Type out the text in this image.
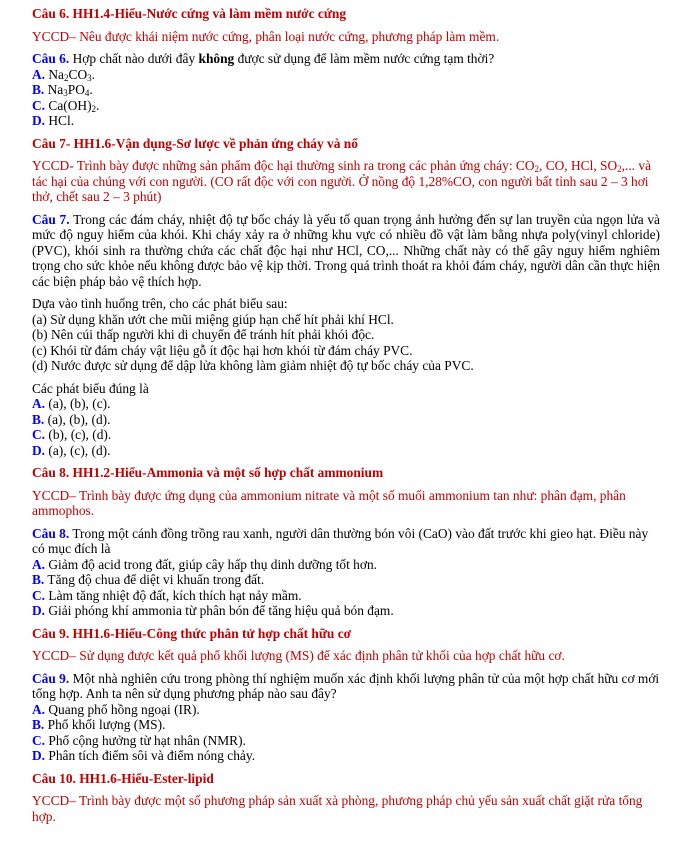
Câu 6. HH1.4-Hiểu-Nước cứng và làm mềm nước cứng

YCCD– Nêu được khái niệm nước cứng, phân loại nước cứng, phương pháp làm mềm.

Câu 6. Hợp chất nào dưới đây không được sử dụng để làm mềm nước cứng tạm thời?

A. $Na_2CO_3$.

B. $Na_3PO_4$.

C. $Ca(OH)_2$.

D. HCl.

Câu 7- HH1.6-Vận dụng-Sơ lược về phản ứng cháy và nổ

YCCD- Trình bày được những sản phẩm độc hại thường sinh ra trong các phản ứng cháy: $CO_2$, CO, HCl, $SO_2$,... và tác hại của chúng với con người. (CO rất độc với con người. Ở nồng độ 1,28%CO, con người bất tỉnh sau 2 – 3 hơi thở, chết sau 2 – 3 phút)

Câu 7. Trong các đám cháy, nhiệt độ tự bốc cháy là yếu tố quan trọng ảnh hưởng đến sự lan truyền của ngọn lửa và mức độ nguy hiểm của khói. Khi cháy xảy ra ở những khu vực có nhiều đồ vật làm bằng nhựa poly(vinyl chloride) (PVC), khói sinh ra thường chứa các chất độc hại như HCl, CO,... Những chất này có thể gây nguy hiểm nghiêm trọng cho sức khỏe nếu không được bảo vệ kịp thời. Trong quá trình thoát ra khỏi đám cháy, người dân cần thực hiện các biện pháp bảo vệ thích hợp.

Dựa vào tình huống trên, cho các phát biểu sau:

(a) Sử dụng khăn ướt che mũi miệng giúp hạn chế hít phải khí HCl.

(b) Nên cúi thấp người khi di chuyển để tránh hít phải khói độc.

(c) Khói từ đám cháy vật liệu gỗ ít độc hại hơn khói từ đám cháy PVC.

(d) Nước được sử dụng để dập lửa không làm giảm nhiệt độ tự bốc cháy của PVC.

Các phát biểu đúng là

A. (a), (b), (c).

B. (a), (b), (d).

C. (b), (c), (d).

D. (a), (c), (d).

Câu 8. HH1.2-Hiểu-Ammonia và một số hợp chất ammonium

YCCD– Trình bày được ứng dụng của ammonium nitrate và một số muối ammonium tan như: phân đạm, phân ammophos.

Câu 8. Trong một cánh đồng trồng rau xanh, người dân thường bón vôi (CaO) vào đất trước khi gieo hạt. Điều này có mục đích là

A. Giảm độ acid trong đất, giúp cây hấp thụ dinh dưỡng tốt hơn.

B. Tăng độ chua để diệt vi khuẩn trong đất.

C. Làm tăng nhiệt độ đất, kích thích hạt nảy mầm.

D. Giải phóng khí ammonia từ phân bón để tăng hiệu quả bón đạm.

Câu 9. HH1.6-Hiểu-Công thức phân tử hợp chất hữu cơ

YCCD– Sử dụng được kết quả phổ khối lượng (MS) để xác định phân tử khối của hợp chất hữu cơ.

Câu 9. Một nhà nghiên cứu trong phòng thí nghiệm muốn xác định khối lượng phân tử của một hợp chất hữu cơ mới tổng hợp. Anh ta nên sử dụng phương pháp nào sau đây?

A. Quang phổ hồng ngoại (IR).

B. Phổ khối lượng (MS).

C. Phổ cộng hưởng từ hạt nhân (NMR).

D. Phân tích điểm sôi và điểm nóng chảy.

Câu 10. HH1.6-Hiểu-Ester-lipid

YCCD– Trình bày được một số phương pháp sản xuất xà phòng, phương pháp chủ yếu sản xuất chất giặt rửa tổng hợp.
